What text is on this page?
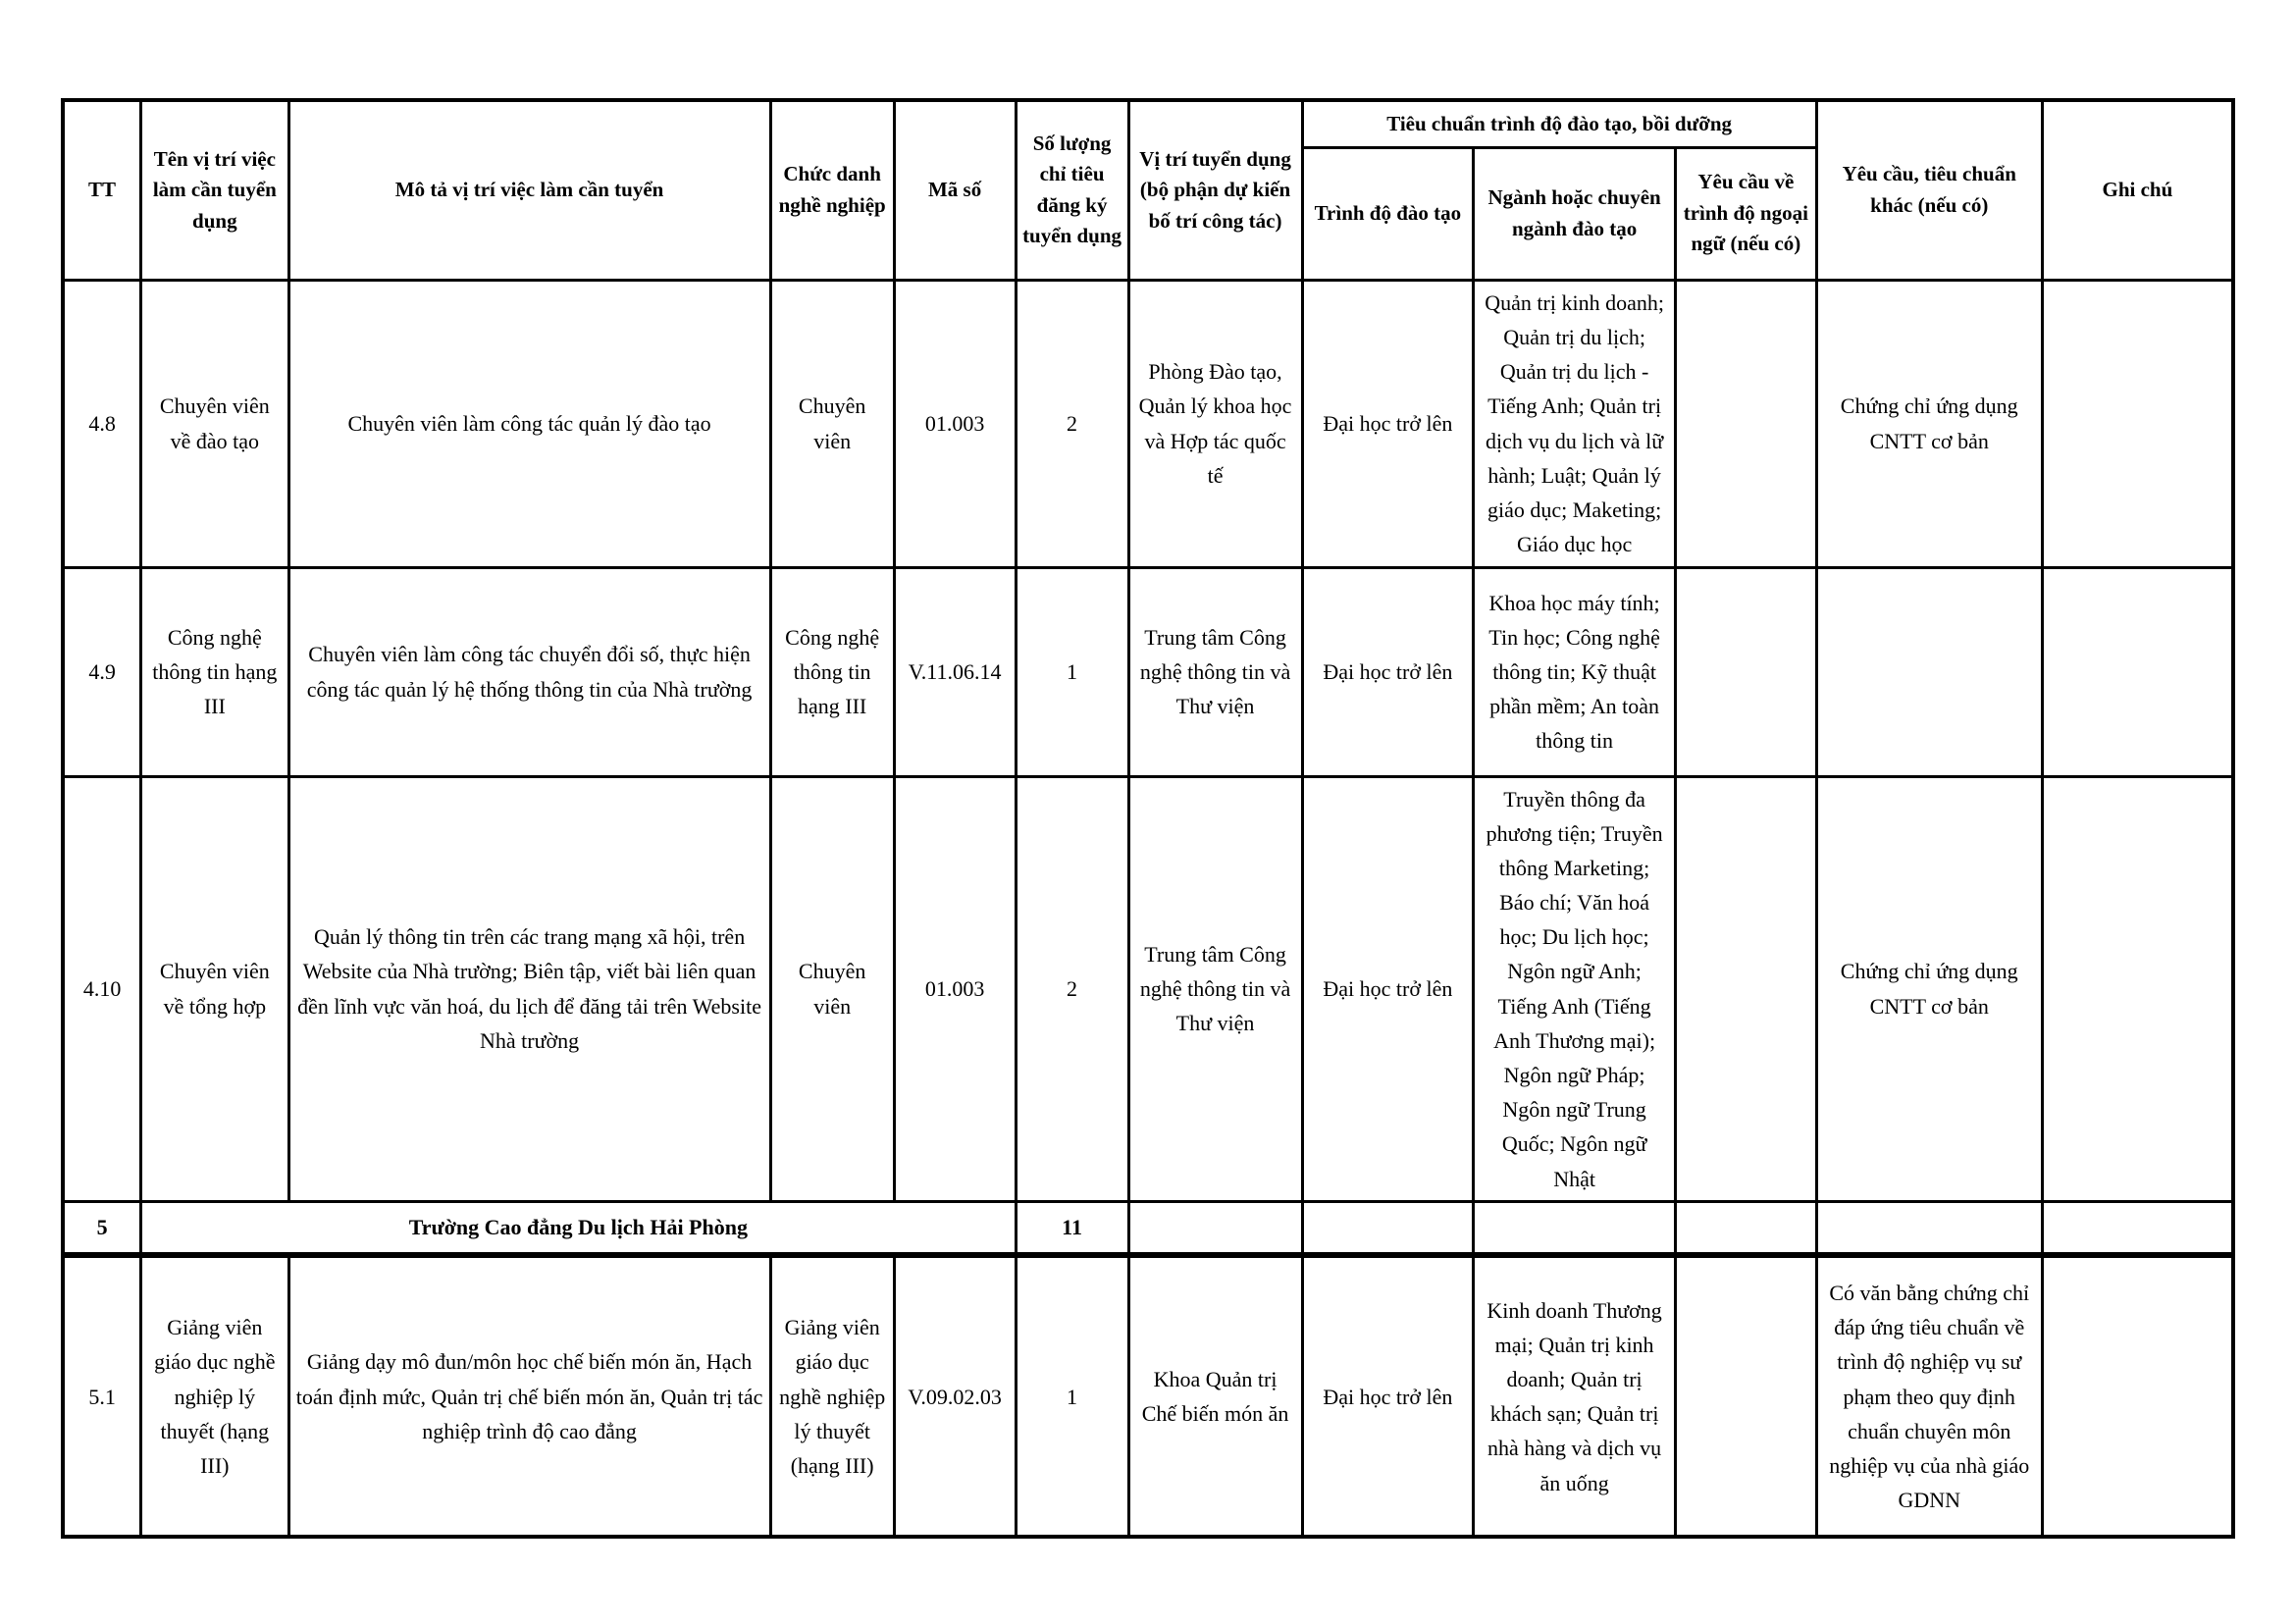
TT	Tên vị trí việc làm cần tuyển dụng	Mô tả vị trí việc làm cần tuyển	Chức danh nghề nghiệp	Mã số	Số lượng chỉ tiêu đăng ký tuyển dụng	Vị trí tuyển dụng (bộ phận dự kiến bố trí công tác)	Tiêu chuẩn trình độ đào tạo, bồi dưỡng			Yêu cầu, tiêu chuẩn khác (nếu có)	Ghi chú
							Trình độ đào tạo	Ngành hoặc chuyên ngành đào tạo	Yêu cầu về trình độ ngoại ngữ (nếu có)		
4.8	Chuyên viên về đào tạo	Chuyên viên làm công tác quản lý đào tạo	Chuyên viên	01.003	2	Phòng Đào tạo, Quản lý khoa học và Hợp tác quốc tế	Đại học trở lên	Quản trị kinh doanh; Quản trị du lịch; Quản trị du lịch - Tiếng Anh; Quản trị dịch vụ du lịch và lữ hành; Luật; Quản lý giáo dục; Maketing; Giáo dục học		Chứng chỉ ứng dụng CNTT cơ bản	
4.9	Công nghệ thông tin hạng III	Chuyên viên làm công tác chuyển đổi số, thực hiện công tác quản lý hệ thống thông tin của Nhà trường	Công nghệ thông tin hạng III	V.11.06.14	1	Trung tâm Công nghệ thông tin và Thư viện	Đại học trở lên	Khoa học máy tính; Tin học; Công nghệ thông tin; Kỹ thuật phần mềm; An toàn thông tin			
4.10	Chuyên viên về tổng hợp	Quản lý thông tin trên các trang mạng xã hội, trên Website của Nhà trường; Biên tập, viết bài liên quan đền lĩnh vực văn hoá, du lịch để đăng tải trên Website Nhà trường	Chuyên viên	01.003	2	Trung tâm Công nghệ thông tin và Thư viện	Đại học trở lên	Truyền thông đa phương tiện; Truyền thông Marketing; Báo chí; Văn hoá học; Du lịch học; Ngôn ngữ Anh; Tiếng Anh (Tiếng Anh Thương mại); Ngôn ngữ Pháp; Ngôn ngữ Trung Quốc; Ngôn ngữ Nhật		Chứng chỉ ứng dụng CNTT cơ bản	
5	Trường Cao đẳng Du lịch Hải Phòng				11						
5.1	Giảng viên giáo dục nghề nghiệp lý thuyết (hạng III)	Giảng dạy mô đun/môn học chế biến món ăn, Hạch toán định mức, Quản trị chế biến món ăn, Quản trị tác nghiệp trình độ cao đẳng	Giảng viên giáo dục nghề nghiệp lý thuyết (hạng III)	V.09.02.03	1	Khoa Quản trị Chế biến món ăn	Đại học trở lên	Kinh doanh Thương mại; Quản trị kinh doanh; Quản trị khách sạn; Quản trị nhà hàng và dịch vụ ăn uống		Có văn bằng chứng chỉ đáp ứng tiêu chuẩn về trình độ nghiệp vụ sư phạm theo quy định chuẩn chuyên môn nghiệp vụ của nhà giáo GDNN	
